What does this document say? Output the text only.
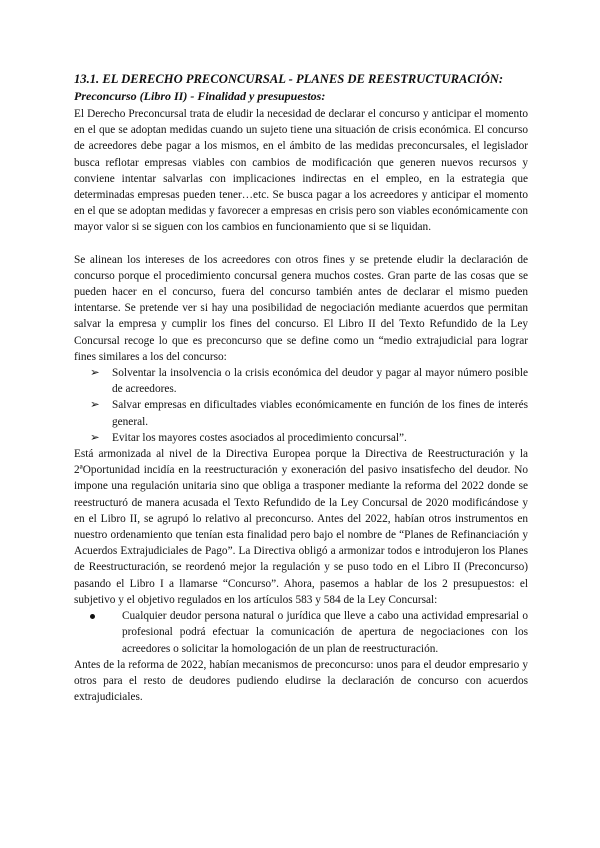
13.1. EL DERECHO PRECONCURSAL - PLANES DE REESTRUCTURACIÓN:
Preconcurso (Libro II) - Finalidad y presupuestos:

El Derecho Preconcursal trata de eludir la necesidad de declarar el concurso y anticipar el momento en el que se adoptan medidas cuando un sujeto tiene una situación de crisis económica. El concurso de acreedores debe pagar a los mismos, en el ámbito de las medidas preconcursales, el legislador busca reflotar empresas viables con cambios de modificación que generen nuevos recursos y conviene intentar salvarlas con implicaciones indirectas en el empleo, en la estrategia que determinadas empresas pueden tener…etc. Se busca pagar a los acreedores y anticipar el momento en el que se adoptan medidas y favorecer a empresas en crisis pero son viables económicamente con mayor valor si se siguen con los cambios en funcionamiento que si se liquidan.

Se alinean los intereses de los acreedores con otros fines y se pretende eludir la declaración de concurso porque el procedimiento concursal genera muchos costes. Gran parte de las cosas que se pueden hacer en el concurso, fuera del concurso también antes de declarar el mismo pueden intentarse. Se pretende ver si hay una posibilidad de negociación mediante acuerdos que permitan salvar la empresa y cumplir los fines del concurso. El Libro II del Texto Refundido de la Ley Concursal recoge lo que es preconcurso que se define como un “medio extrajudicial para lograr fines similares a los del concurso:

➢ Solventar la insolvencia o la crisis económica del deudor y pagar al mayor número posible de acreedores.
➢ Salvar empresas en dificultades viables económicamente en función de los fines de interés general.
➢ Evitar los mayores costes asociados al procedimiento concursal”.

Está armonizada al nivel de la Directiva Europea porque la Directiva de Reestructuración y la 2ªOportunidad incidía en la reestructuración y exoneración del pasivo insatisfecho del deudor. No impone una regulación unitaria sino que obliga a trasponer mediante la reforma del 2022 donde se reestructuró de manera acusada el Texto Refundido de la Ley Concursal de 2020 modificándose y en el Libro II, se agrupó lo relativo al preconcurso. Antes del 2022, habían otros instrumentos en nuestro ordenamiento que tenían esta finalidad pero bajo el nombre de “Planes de Refinanciación y Acuerdos Extrajudiciales de Pago”. La Directiva obligó a armonizar todos e introdujeron los Planes de Reestructuración, se reordenó mejor la regulación y se puso todo en el Libro II (Preconcurso) pasando el Libro I a llamarse “Concurso”. Ahora, pasemos a hablar de los 2 presupuestos: el subjetivo y el objetivo regulados en los artículos 583 y 584 de la Ley Concursal:

Cualquier deudor persona natural o jurídica que lleve a cabo una actividad empresarial o profesional podrá efectuar la comunicación de apertura de negociaciones con los acreedores o solicitar la homologación de un plan de reestructuración.

Antes de la reforma de 2022, habían mecanismos de preconcurso: unos para el deudor empresario y otros para el resto de deudores pudiendo eludirse la declaración de concurso con acuerdos extrajudiciales.
